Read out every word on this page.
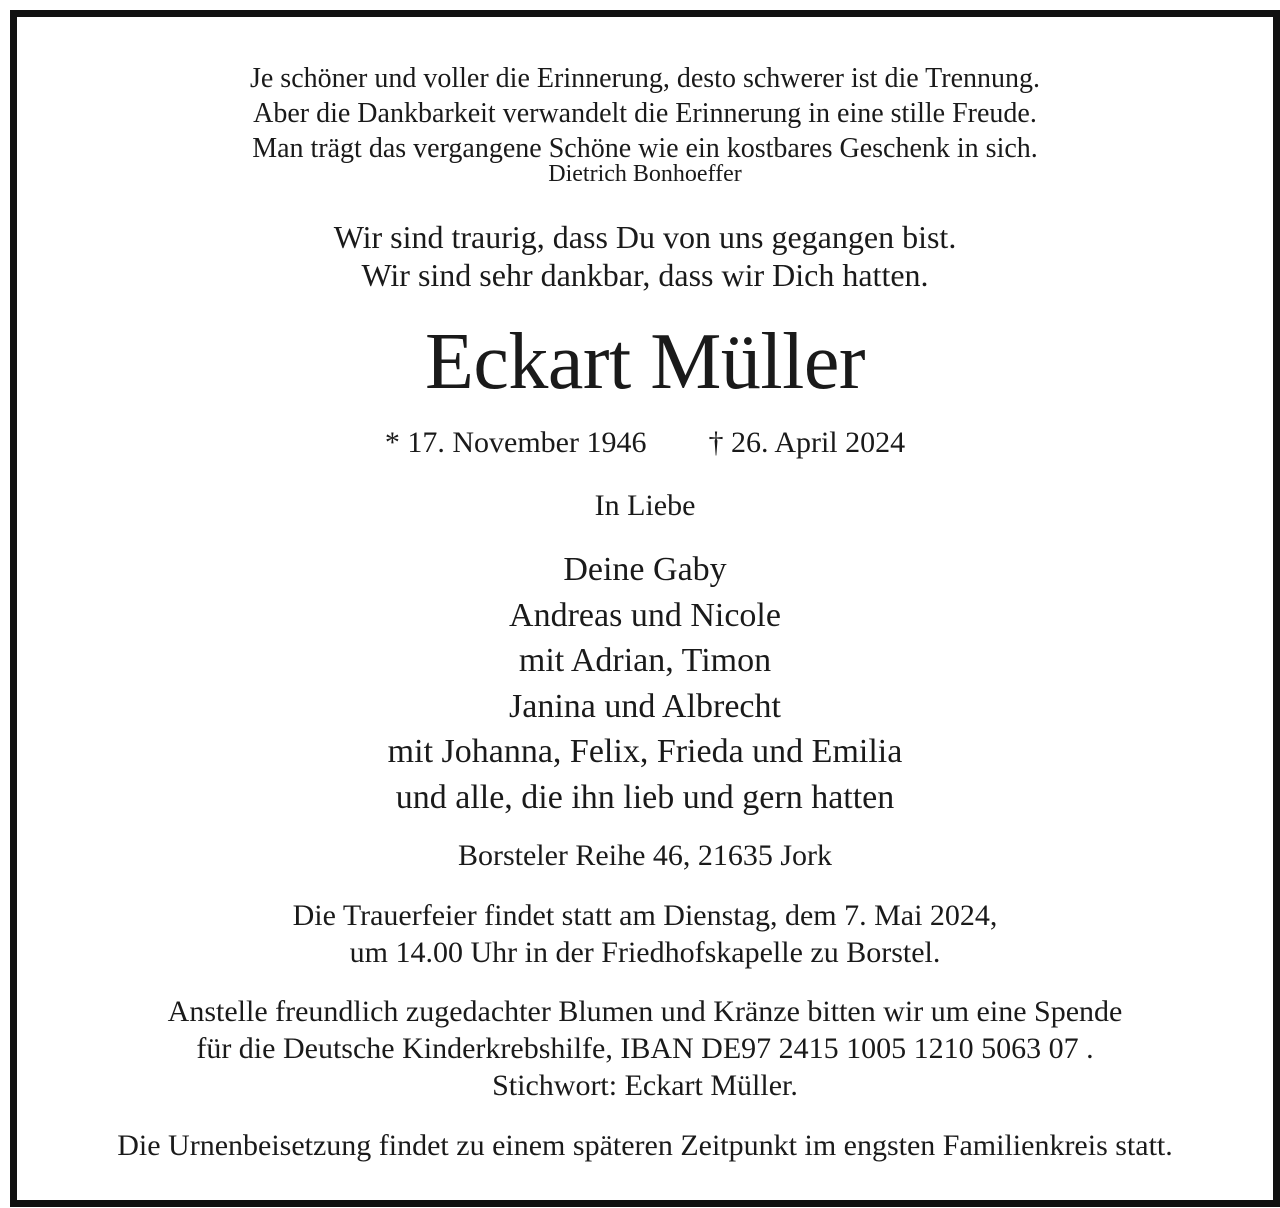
Je schöner und voller die Erinnerung, desto schwerer ist die Trennung.
Aber die Dankbarkeit verwandelt die Erinnerung in eine stille Freude.
Man trägt das vergangene Schöne wie ein kostbares Geschenk in sich.
Dietrich Bonhoeffer
Wir sind traurig, dass Du von uns gegangen bist.
Wir sind sehr dankbar, dass wir Dich hatten.
Eckart Müller
* 17. November 1946 † 26. April 2024
In Liebe
Deine Gaby
Andreas und Nicole
mit Adrian, Timon
Janina und Albrecht
mit Johanna, Felix, Frieda und Emilia
und alle, die ihn lieb und gern hatten
Borsteler Reihe 46, 21635 Jork
Die Trauerfeier findet statt am Dienstag, dem 7. Mai 2024,
um 14.00 Uhr in der Friedhofskapelle zu Borstel.
Anstelle freundlich zugedachter Blumen und Kränze bitten wir um eine Spende
für die Deutsche Kinderkrebshilfe, IBAN DE97 2415 1005 1210 5063 07 .
Stichwort: Eckart Müller.
Die Urnenbeisetzung findet zu einem späteren Zeitpunkt im engsten Familienkreis statt.
